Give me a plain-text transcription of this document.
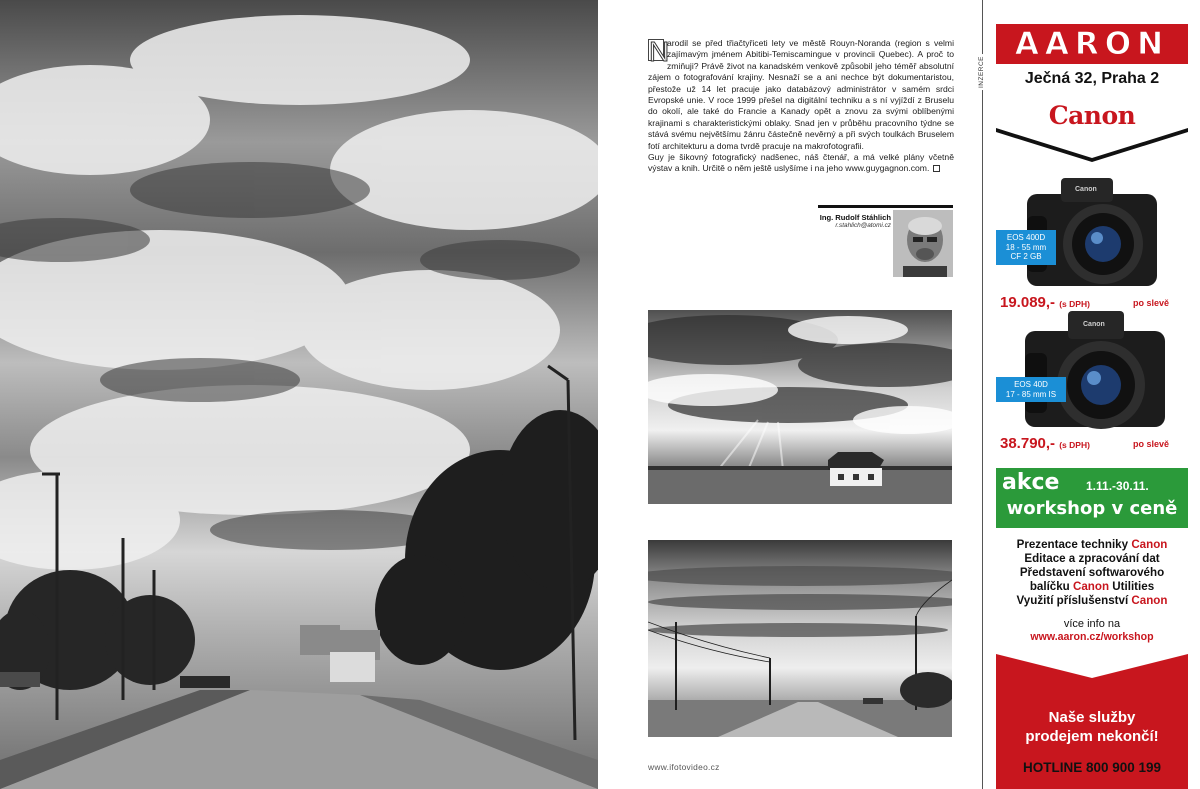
N

arodil se před třiačtyřiceti lety ve městě Rouyn-Noranda (region s velmi zajímavým jménem Abitibi-Temiscamingue v provincii Quebec). A proč to zmiňuji? Právě život na kanadském venkově způsobil jeho téměř absolutní zájem o fotografování krajiny. Nesnaží se a ani nechce být dokumentaristou, přestože už 14 let pracuje jako databázový administrátor v samém srdci Evropské unie. V roce 1999 přešel na digitální techniku a s ní vyjíždí z Bruselu do okolí, ale také do Francie a Kanady opět a znovu za svými oblíbenými krajinami s charakteristickými oblaky. Snad jen v průběhu pracovního týdne se stává svému největšímu žánru částečně nevěrný a při svých toulkách Bruselem fotí architekturu a doma tvrdě pracuje na makrofotografii.

Guy je šikovný fotografický nadšenec, náš čtenář, a má velké plány včetně výstav a knih. Určitě o něm ještě uslyšíme i na jeho www.guygagnon.com.

Ing. Rudolf Stáhlich
r.stahlich@atomi.cz
www.ifotovideo.cz
INZERCE
AARON
Ječná 32, Praha 2
Canon
Canon
EOS 400D
18 - 55 mm
CF 2 GB
19.089,- (s DPH)	po slevě
Canon
EOS 40D
17 - 85 mm IS
38.790,- (s DPH)	po slevě
akce 1.11.-30.11.
workshop v ceně
Prezentace techniky Canon
Editace a zpracování dat
Představení softwarového
balíčku Canon Utilities
Využití příslušenství Canon
více info na
www.aaron.cz/workshop
Naše služby
prodejem nekončí!
HOTLINE 800 900 199
